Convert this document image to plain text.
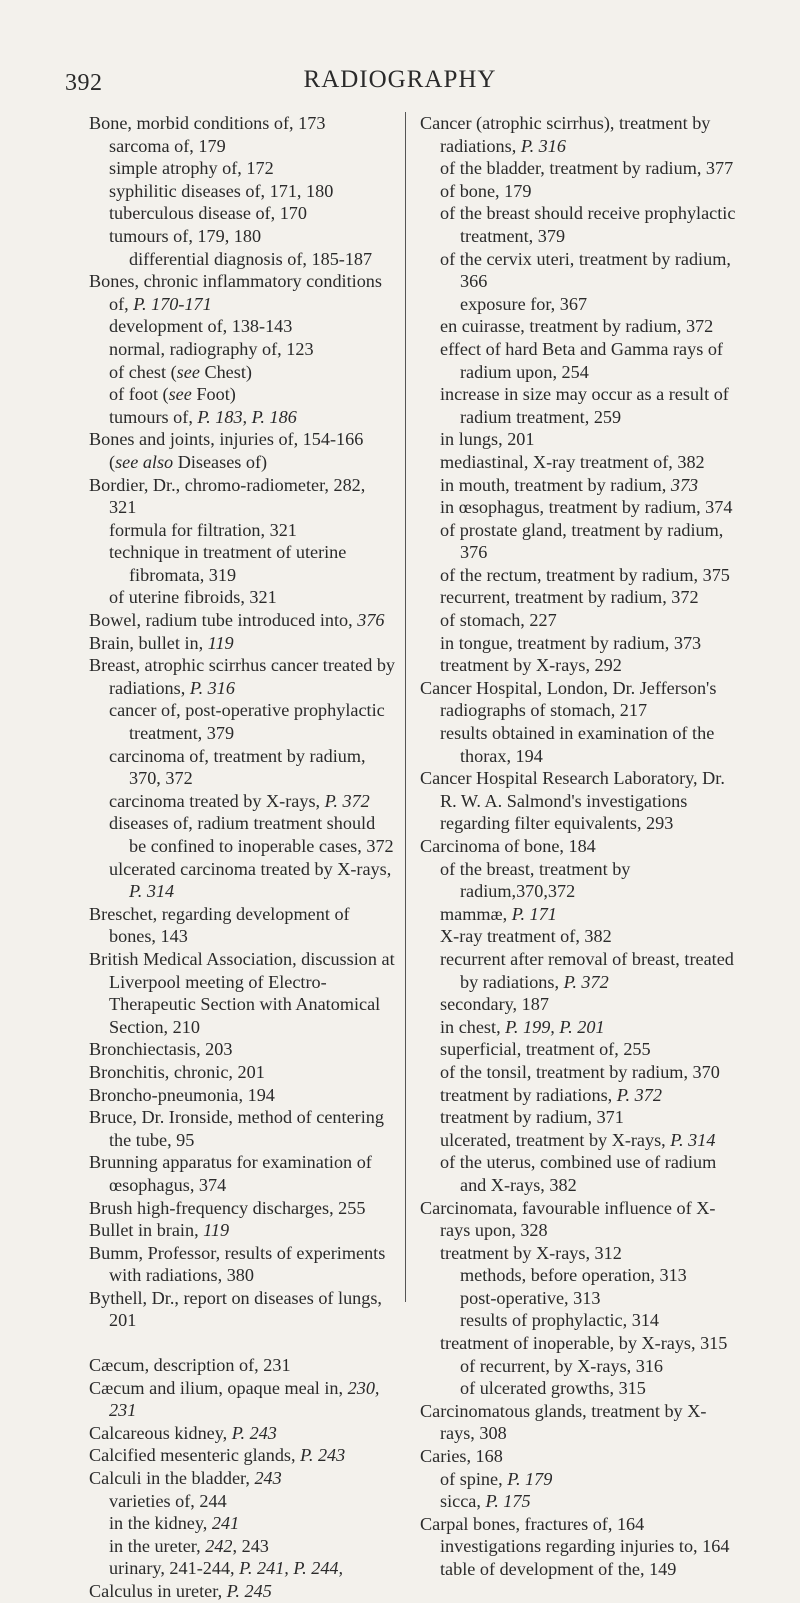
392	RADIOGRAPHY
Bone, morbid conditions of, 173
sarcoma of, 179
simple atrophy of, 172
syphilitic diseases of, 171, 180
tuberculous disease of, 170
tumours of, 179, 180
differential diagnosis of, 185-187
Bones, chronic inflammatory conditions of, P. 170-171
development of, 138-143
normal, radiography of, 123
of chest (see Chest)
of foot (see Foot)
tumours of, P. 183, P. 186
Bones and joints, injuries of, 154-166
(see also Diseases of)
Bordier, Dr., chromo-radiometer, 282, 321
formula for filtration, 321
technique in treatment of uterine fibromata, 319
of uterine fibroids, 321
Bowel, radium tube introduced into, 376
Brain, bullet in, 119
Breast, atrophic scirrhus cancer treated by radiations, P. 316
cancer of, post-operative prophylactic treatment, 379
carcinoma of, treatment by radium, 370, 372
carcinoma treated by X-rays, P. 372
diseases of, radium treatment should be confined to inoperable cases, 372
ulcerated carcinoma treated by X-rays, P. 314
Breschet, regarding development of bones, 143
British Medical Association, discussion at Liverpool meeting of Electro-Therapeutic Section with Anatomical Section, 210
Bronchiectasis, 203
Bronchitis, chronic, 201
Broncho-pneumonia, 194
Bruce, Dr. Ironside, method of centering the tube, 95
Brunning apparatus for examination of œsophagus, 374
Brush high-frequency discharges, 255
Bullet in brain, 119
Bumm, Professor, results of experiments with radiations, 380
Bythell, Dr., report on diseases of lungs, 201
Cæcum, description of, 231
Cæcum and ilium, opaque meal in, 230, 231
Calcareous kidney, P. 243
Calcified mesenteric glands, P. 243
Calculi in the bladder, 243
varieties of, 244
in the kidney, 241
in the ureter, 242, 243
urinary, 241-244, P. 241, P. 244,
Calculus in ureter, P. 245
Cancer (atrophic scirrhus), treatment by radiations, P. 316
of the bladder, treatment by radium, 377
of bone, 179
of the breast should receive prophylactic treatment, 379
of the cervix uteri, treatment by radium, 366
exposure for, 367
en cuirasse, treatment by radium, 372
effect of hard Beta and Gamma rays of radium upon, 254
increase in size may occur as a result of radium treatment, 259
in lungs, 201
mediastinal, X-ray treatment of, 382
in mouth, treatment by radium, 373
in œsophagus, treatment by radium, 374
of prostate gland, treatment by radium, 376
of the rectum, treatment by radium, 375
recurrent, treatment by radium, 372
of stomach, 227
in tongue, treatment by radium, 373
treatment by X-rays, 292
Cancer Hospital, London, Dr. Jefferson's radiographs of stomach, 217
results obtained in examination of the thorax, 194
Cancer Hospital Research Laboratory, Dr. R. W. A. Salmond's investigations regarding filter equivalents, 293
Carcinoma of bone, 184
of the breast, treatment by radium,370,372
mammæ, P. 171
X-ray treatment of, 382
recurrent after removal of breast, treated by radiations, P. 372
secondary, 187
in chest, P. 199, P. 201
superficial, treatment of, 255
of the tonsil, treatment by radium, 370
treatment by radiations, P. 372
treatment by radium, 371
ulcerated, treatment by X-rays, P. 314
of the uterus, combined use of radium and X-rays, 382
Carcinomata, favourable influence of X-rays upon, 328
treatment by X-rays, 312
methods, before operation, 313
post-operative, 313
results of prophylactic, 314
treatment of inoperable, by X-rays, 315
of recurrent, by X-rays, 316
of ulcerated growths, 315
Carcinomatous glands, treatment by X-rays, 308
Caries, 168
of spine, P. 179
sicca, P. 175
Carpal bones, fractures of, 164
investigations regarding injuries to, 164
table of development of the, 149
